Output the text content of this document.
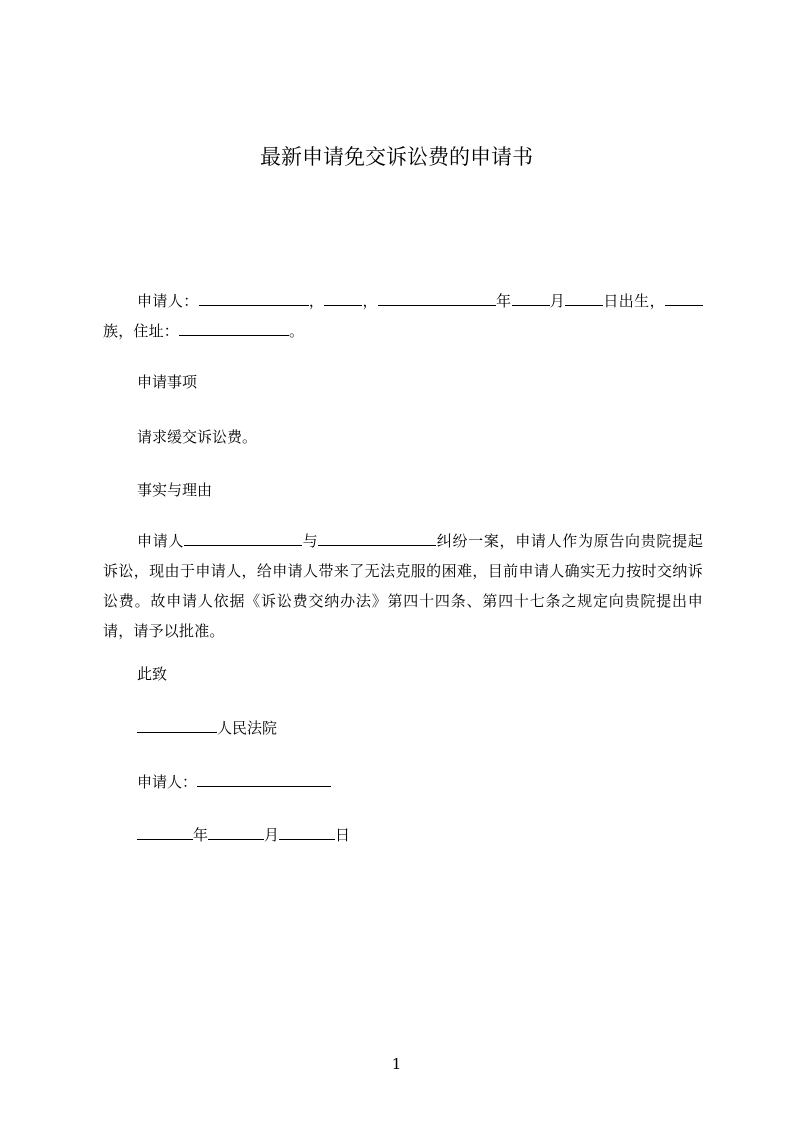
最新申请免交诉讼费的申请书
申请人：	，	，	年	月	日出生，族，住址：	。
申请事项
请求缓交诉讼费。
事实与理由
申请人	与	纠纷一案，申请人作为原告向贵院提起诉讼，现由于申请人，给申请人带来了无法克服的困难，目前申请人确实无力按时交纳诉讼费。故申请人依据《诉讼费交纳办法》第四十四条、第四十七条之规定向贵院提出申请，请予以批准。
此致
人民法院
申请人：
年	月	日
1
